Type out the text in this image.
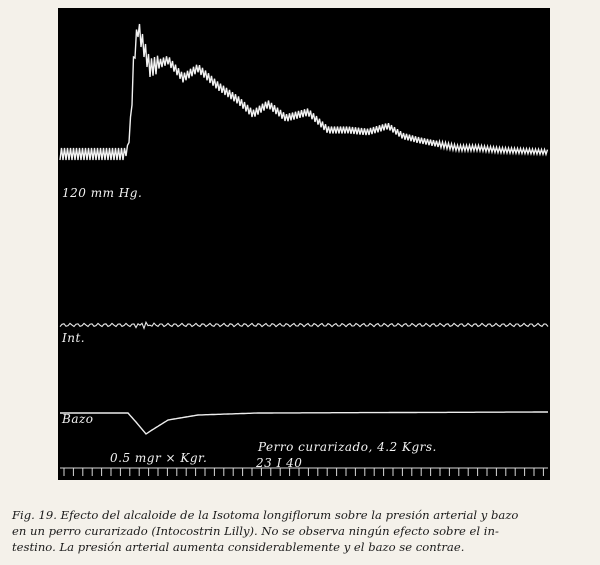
120 mm Hg.
Int.
Bazo
0.5 mgr × Kgr.
Perro curarizado, 4.2 Kgrs.
23 I 40
Fig. 19. Efecto del alcaloide de la Isotoma longiflorum sobre la presión arterial y bazo
en un perro curarizado (Intocostrin Lilly). No se observa ningún efecto sobre el in-
testino. La presión arterial aumenta considerablemente y el bazo se contrae.
